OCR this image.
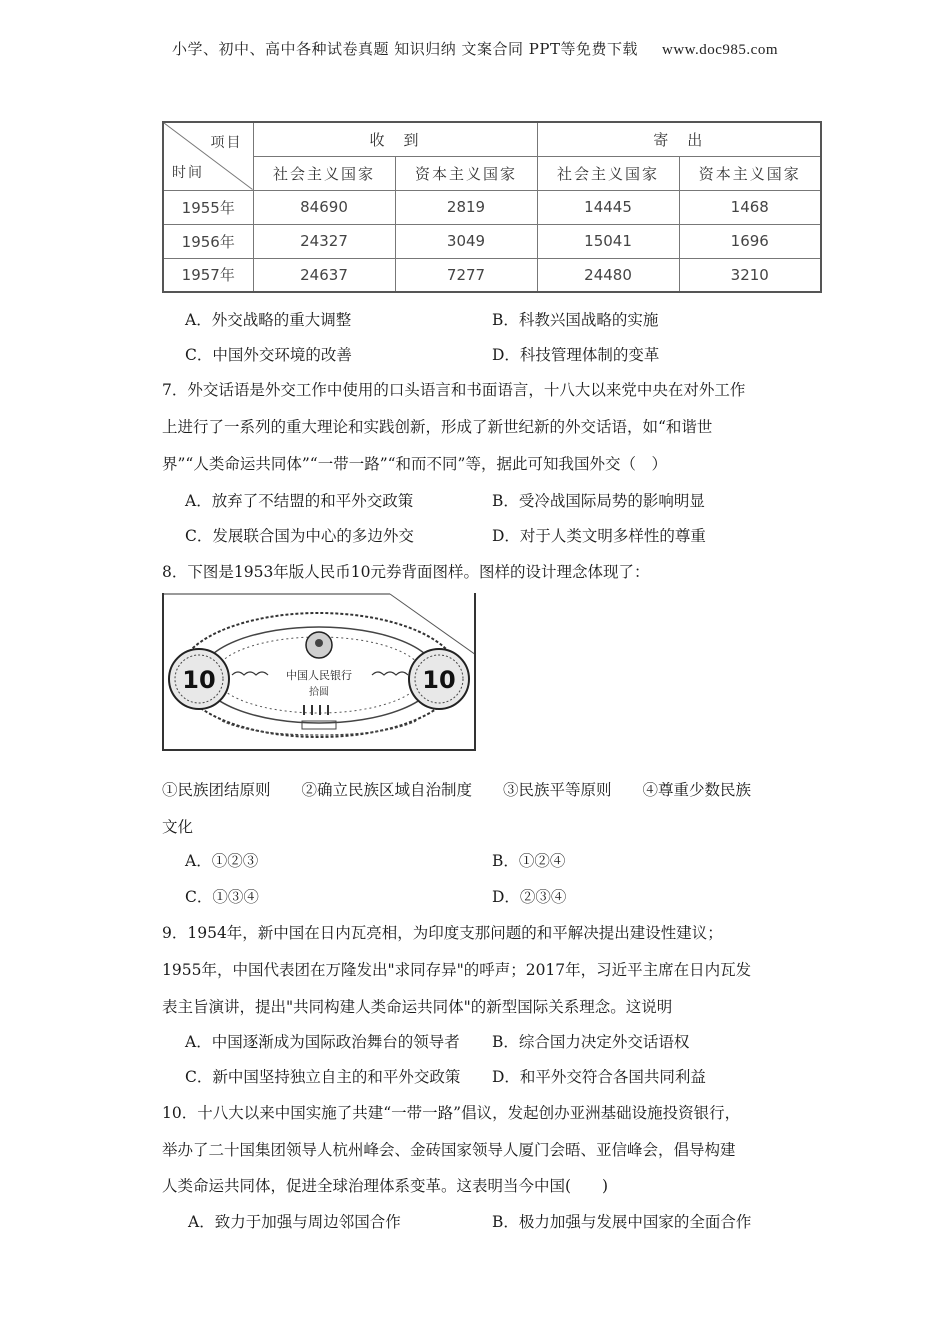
小学、初中、高中各种试卷真题 知识归纳 文案合同 PPT等免费下载 www.doc985.com
项目
时间	收　到		寄　出	
	社会主义国家	资本主义国家	社会主义国家	资本主义国家
1955年	84690	2819	14445	1468
1956年	24327	3049	15041	1696
1957年	24637	7277	24480	3210
A．外交战略的重大调整	B．科教兴国战略的实施
C．中国外交环境的改善	D．科技管理体制的变革
7．外交话语是外交工作中使用的口头语言和书面语言，十八大以来党中央在对外工作
上进行了一系列的重大理论和实践创新，形成了新世纪新的外交话语，如“和谐世
界”“人类命运共同体”“一带一路”“和而不同”等，据此可知我国外交（　）
A．放弃了不结盟的和平外交政策	B．受冷战国际局势的影响明显
C．发展联合国为中心的多边外交	D．对于人类文明多样性的尊重
8．下图是1953年版人民币10元券背面图样。图样的设计理念体现了：
10	10
中国人民银行
拾圆
①民族团结原则　　②确立民族区域自治制度　　③民族平等原则　　④尊重少数民族
文化
A．①②③	B．①②④
C．①③④	D．②③④
9．1954年，新中国在日内瓦亮相，为印度支那问题的和平解决提出建设性建议；
1955年，中国代表团在万隆发出"求同存异"的呼声；2017年，习近平主席在日内瓦发
表主旨演讲，提出"共同构建人类命运共同体"的新型国际关系理念。这说明
A．中国逐渐成为国际政治舞台的领导者 B．综合国力决定外交话语权
C．新中国坚持独立自主的和平外交政策 D．和平外交符合各国共同利益
10．十八大以来中国实施了共建“一带一路”倡议，发起创办亚洲基础设施投资银行，
举办了二十国集团领导人杭州峰会、金砖国家领导人厦门会晤、亚信峰会，倡导构建
人类命运共同体，促进全球治理体系变革。这表明当今中国(　　)
A．致力于加强与周边邻国合作	B．极力加强与发展中国家的全面合作
